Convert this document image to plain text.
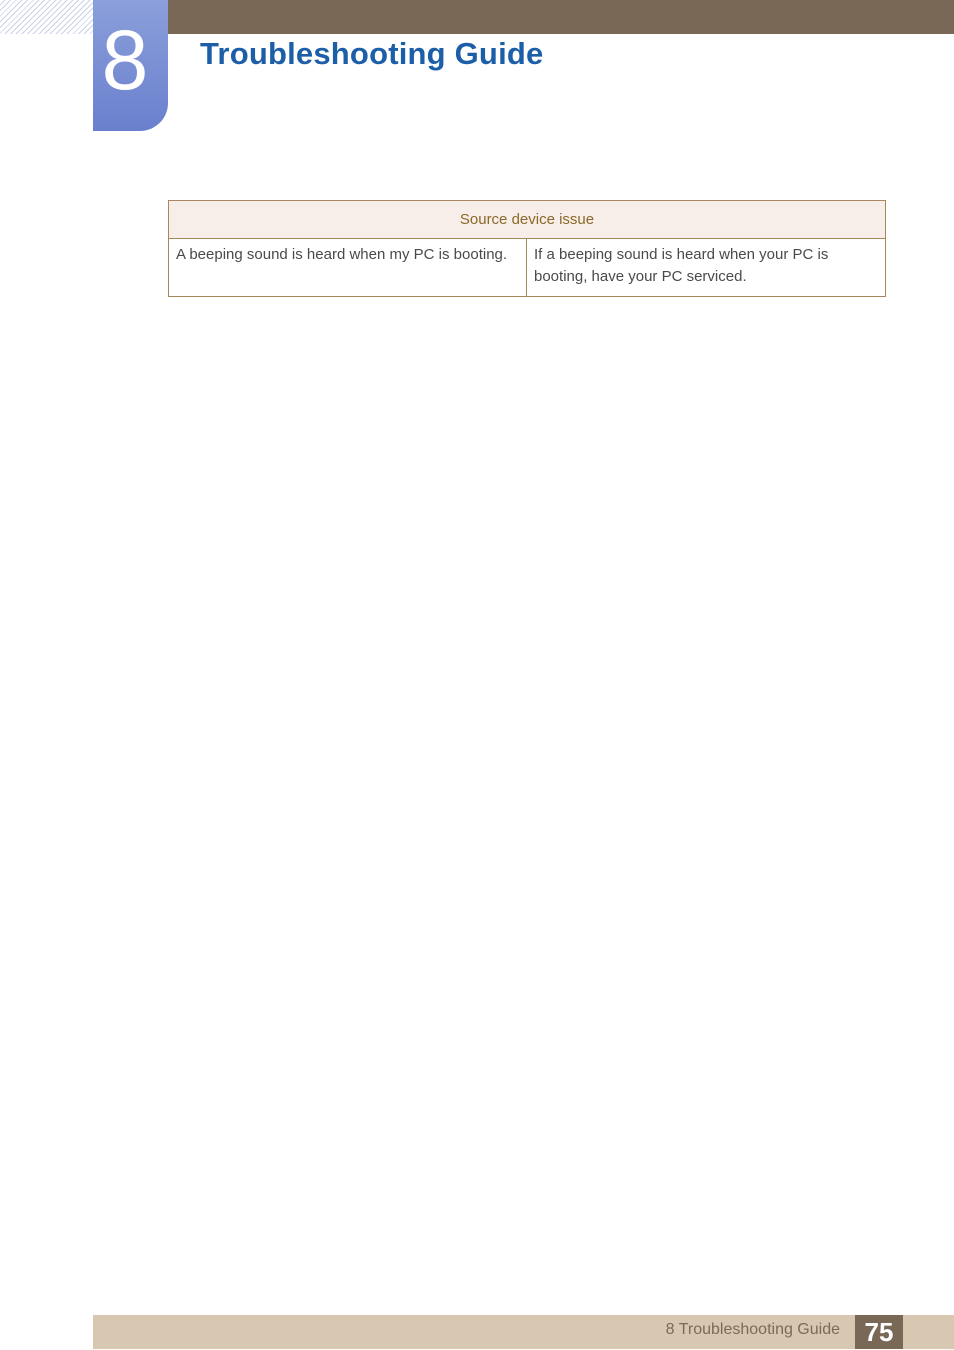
8 Troubleshooting Guide
Source device issue
A beeping sound is heard when my PC is booting.	If a beeping sound is heard when your PC is booting, have your PC serviced.
8 Troubleshooting Guide 75
